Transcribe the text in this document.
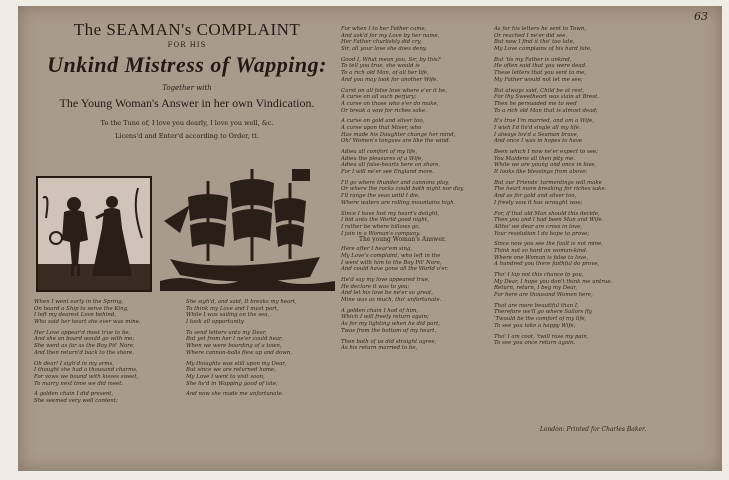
63
The SEAMAN's COMPLAINT
FOR HIS
Unkind Mistress of Wapping:
Together with
The Young Woman's Answer in her own Vindication.
To the Tune of, I love you dearly, I love you well, &c.
Licens'd and Enter'd according to Order, tt.
When I went early in the Spring,
On board a Ship to serve the King,
I left my dearest Love behind,
Who said her heart she ever was mine.
Her Love appear'd most true to be,
And she on board would go with me;
She went as far as the Boy Pit' Nore,
And then return'd back to the shore.
Oh dear! I sigh'd in my arms,
I thought she had a thousand charms,
For vows we bound with kisses sweet,
To marry next time we did meet.
A golden chain I did present,
She seemed very well content;
She sigh'd, and said, It breaks my heart,
To think my Love and I must part,
While I was sailing on the sea,
I took all opportunity
To send letters unto my Dear,
But yet from her I ne'er could hear,
When we were boarding of a town,
Where cannon-balls flew up and down,
My thoughts was still upon my Dear,
But since we are returned home,
My Love I went to visit soon,
She liv'd in Wapping good of late,
And now she made me unfortunate.
For when I to her Father came,
And ask'd for my Love by her name,
Her Father churlishly did cry,
Sir, all your love she does deny.
Good I, What mean you, Sir, by this?
To tell you true, she would is
To a rich old Man, of all her life,
And you may look for another Wife.
Curst on all false love where e'er it be,
A curse on all such perjury;
A curse on those who e'er do make,
Or break a vow for riches sake.
A curse on gold and silver too,
A curse upon that Miser, who
Has made his Daughter change her mind,
Oh! Women's tongues are like the wind.
Adieu all comfort of my life,
Adieu the pleasures of a Wife,
Adieu all false-hearts here on shore,
For I will ne'er see England more.
I'll go where thunder and cannons play,
Or where the rocks could both night nor day,
I'll range the seas until I die,
Where waters are rolling mountains high.
Since I have lost my heart's delight,
I bid unto the World good night,
I rather be where billows go,
I join in a Woman's company.
The young Woman's Answer.
Here after I hear'em sing,
My Love's complaint, who left in the
I went with him to the Boy Pit' Nore,
And could have gone all the World o'er.
He'd say my love appeared true,
He declare it was to you;
And let his love be ne'er so great,
Mine was as much, tho' unfortunate.
A golden chain I had of him,
Which I will freely return again;
As for my lighting when he did part,
Twas from the bottom of my heart.
Then both of us did straight agree,
As his return married to be,
As for his letters he sent to Town,
Or reached I ne'er did see.
But now I find it tho' too late,
My Love complains of his hard fate,
But 'tis my Father is unkind,
He often said that you were dead.
These letters that you sent to me,
My Father would not let me see;
But always said, Child be at rest,
For thy Sweetheart was slain at Brest.
Then he persuaded me to wed
To a rich old Man that is almost dead;
It's true I'm married, and am a Wife,
I wish I'd liv'd single all my life.
I always lov'd a Seaman brave,
And once I was in hopes to have
Been which I now ne'er expect to see;
You Maidens all then pity me.
While we are young and once in love,
It looks like blessings from above;
But our Friends' tormentings will make
The heart more breaking for riches sake.
And as for gold and silver too,
I freely vow it has wrought woe;
For, if that old Man should this decide,
Then you and I had been Man and Wife.
Altho' we dear are cross in love,
Your resolution I do hope to prove;
Since now you see the fault is not mine,
Think not so hard on woman-kind.
Where one Woman is false to love,
A hundred you there faithful do prove,
Tho' I lap not this chance to you,
My Dear, I hope you don't think me untrue.
Return, return, I beg my Dear,
For here are thousand Women here,
That are more beautiful than I,
Therefore we'll go where Sailors fly,
'Twould be the comfort of my life,
To see you take a happy Wife,
Tho' I am coot, 'twill rase my pain,
To see you once return again.
London: Printed for Charles Baker.
